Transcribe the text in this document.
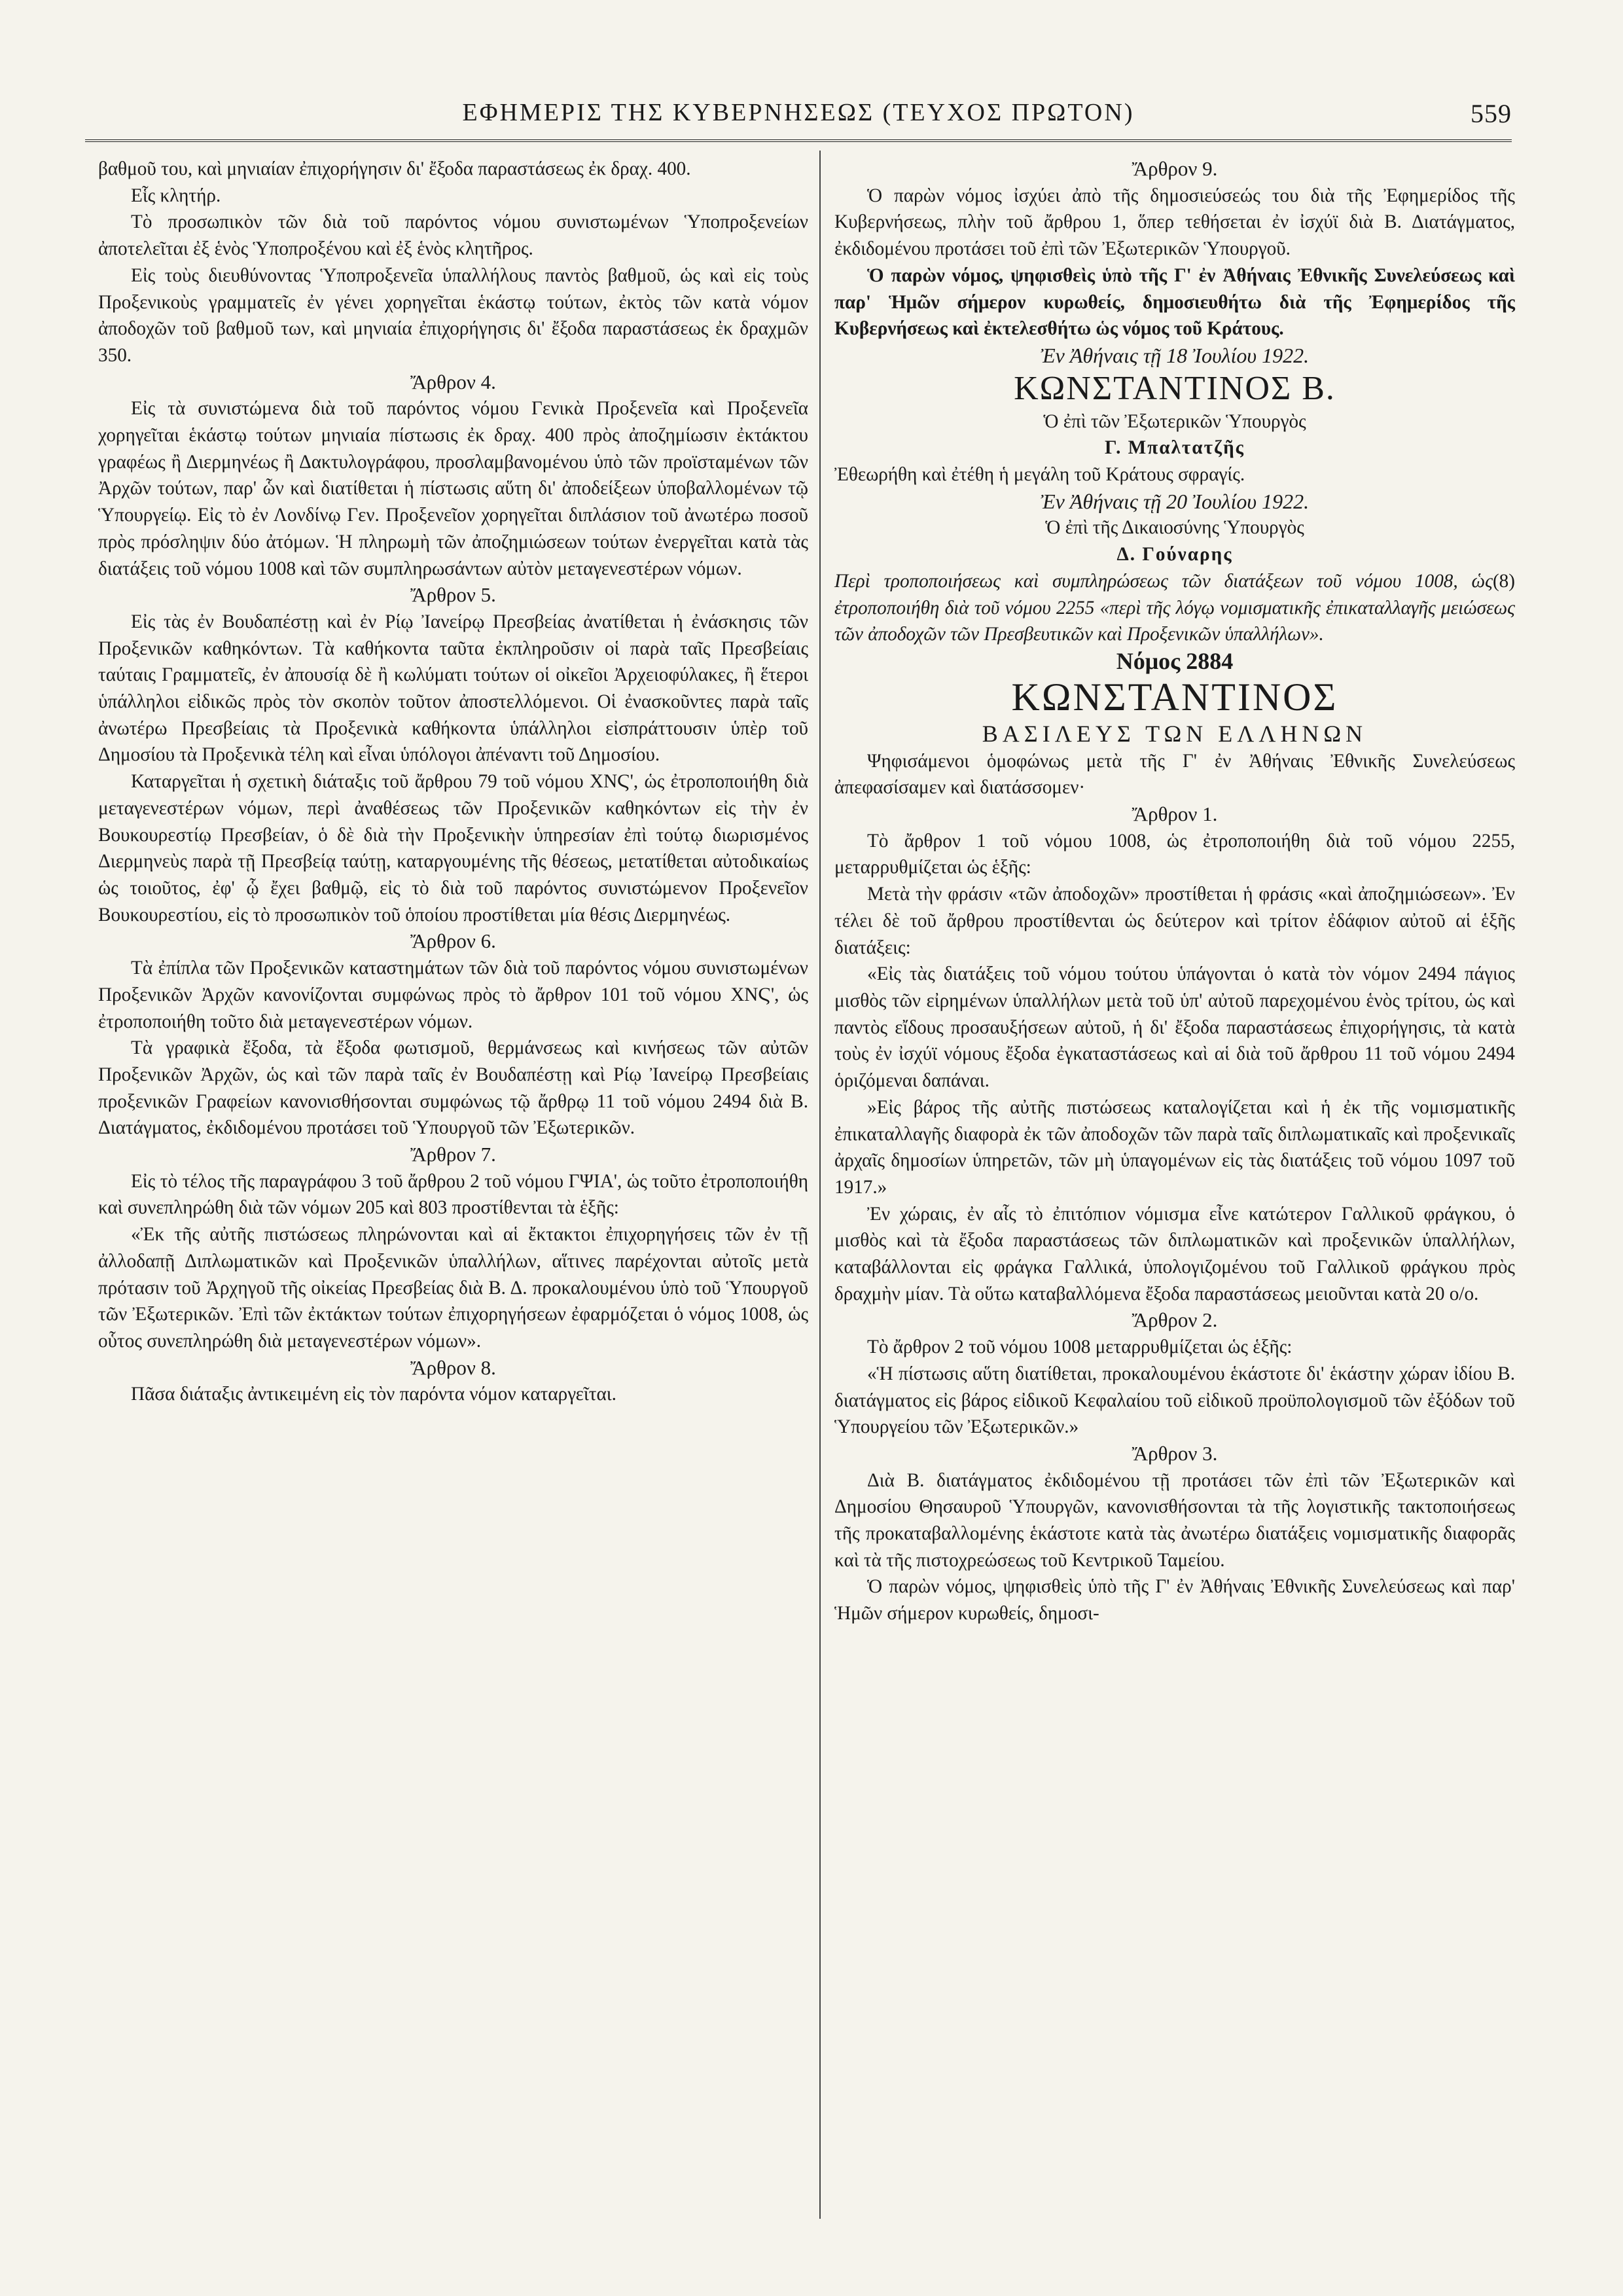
ΕΦΗΜΕΡΙΣ ΤΗΣ ΚΥΒΕΡΝΗΣΕΩΣ (ΤΕΥΧΟΣ ΠΡΩΤΟΝ)	559

βαθμοῦ του, καὶ μηνιαίαν ἐπιχορήγησιν δι' ἔξοδα παραστάσεως ἐκ δραχ. 400.

Εἷς κλητήρ.

Τὸ προσωπικὸν τῶν διὰ τοῦ παρόντος νόμου συνιστωμένων Ὑποπροξενείων ἀποτελεῖται ἐξ ἑνὸς Ὑποπροξένου καὶ ἐξ ἑνὸς κλητῆρος.

Εἰς τοὺς διευθύνοντας Ὑποπροξενεῖα ὑπαλλήλους παντὸς βαθμοῦ, ὡς καὶ εἰς τοὺς Προξενικοὺς γραμματεῖς ἐν γένει χορηγεῖται ἑκάστῳ τούτων, ἐκτὸς τῶν κατὰ νόμον ἀποδοχῶν τοῦ βαθμοῦ των, καὶ μηνιαία ἐπιχορήγησις δι' ἔξοδα παραστάσεως ἐκ δραχμῶν 350.

Ἄρθρον 4.

Εἰς τὰ συνιστώμενα διὰ τοῦ παρόντος νόμου Γενικὰ Προξενεῖα καὶ Προξενεῖα χορηγεῖται ἑκάστῳ τούτων μηνιαία πίστωσις ἐκ δραχ. 400 πρὸς ἀποζημίωσιν ἐκτάκτου γραφέως ἢ Διερμηνέως ἢ Δακτυλογράφου, προσλαμβανομένου ὑπὸ τῶν προϊσταμένων τῶν Ἀρχῶν τούτων, παρ' ὧν καὶ διατίθεται ἡ πίστωσις αὕτη δι' ἀποδείξεων ὑποβαλλομένων τῷ Ὑπουργείῳ. Εἰς τὸ ἐν Λονδίνῳ Γεν. Προξενεῖον χορηγεῖται διπλάσιον τοῦ ἀνωτέρω ποσοῦ πρὸς πρόσληψιν δύο ἀτόμων. Ἡ πληρωμὴ τῶν ἀποζημιώσεων τούτων ἐνεργεῖται κατὰ τὰς διατάξεις τοῦ νόμου 1008 καὶ τῶν συμπληρωσάντων αὐτὸν μεταγενεστέρων νόμων.

Ἄρθρον 5.

Εἰς τὰς ἐν Βουδαπέστῃ καὶ ἐν Ρίῳ Ἰανείρῳ Πρεσβείας ἀνατίθεται ἡ ἐνάσκησις τῶν Προξενικῶν καθηκόντων. Τὰ καθήκοντα ταῦτα ἐκπληροῦσιν οἱ παρὰ ταῖς Πρεσβείαις ταύταις Γραμματεῖς, ἐν ἀπουσίᾳ δὲ ἢ κωλύματι τούτων οἱ οἰκεῖοι Ἀρχειοφύλακες, ἢ ἕτεροι ὑπάλληλοι εἰδικῶς πρὸς τὸν σκοπὸν τοῦτον ἀποστελλόμενοι. Οἱ ἐνασκοῦντες παρὰ ταῖς ἀνωτέρω Πρεσβείαις τὰ Προξενικὰ καθήκοντα ὑπάλληλοι εἰσπράττουσιν ὑπὲρ τοῦ Δημοσίου τὰ Προξενικὰ τέλη καὶ εἶναι ὑπόλογοι ἀπέναντι τοῦ Δημοσίου.

Καταργεῖται ἡ σχετικὴ διάταξις τοῦ ἄρθρου 79 τοῦ νόμου ΧΝϚ', ὡς ἐτροποποιήθη διὰ μεταγενεστέρων νόμων, περὶ ἀναθέσεως τῶν Προξενικῶν καθηκόντων εἰς τὴν ἐν Βουκουρεστίῳ Πρεσβείαν, ὁ δὲ διὰ τὴν Προξενικὴν ὑπηρεσίαν ἐπὶ τούτῳ διωρισμένος Διερμηνεὺς παρὰ τῇ Πρεσβείᾳ ταύτῃ, καταργουμένης τῆς θέσεως, μετατίθεται αὐτοδικαίως ὡς τοιοῦτος, ἐφ' ᾧ ἔχει βαθμῷ, εἰς τὸ διὰ τοῦ παρόντος συνιστώμενον Προξενεῖον Βουκουρεστίου, εἰς τὸ προσωπικὸν τοῦ ὁποίου προστίθεται μία θέσις Διερμηνέως.

Ἄρθρον 6.

Τὰ ἐπίπλα τῶν Προξενικῶν καταστημάτων τῶν διὰ τοῦ παρόντος νόμου συνιστωμένων Προξενικῶν Ἀρχῶν κανονίζονται συμφώνως πρὸς τὸ ἄρθρον 101 τοῦ νόμου ΧΝϚ', ὡς ἐτροποποιήθη τοῦτο διὰ μεταγενεστέρων νόμων.

Τὰ γραφικὰ ἔξοδα, τὰ ἔξοδα φωτισμοῦ, θερμάνσεως καὶ κινήσεως τῶν αὐτῶν Προξενικῶν Ἀρχῶν, ὡς καὶ τῶν παρὰ ταῖς ἐν Βουδαπέστῃ καὶ Ρίῳ Ἰανείρῳ Πρεσβείαις προξενικῶν Γραφείων κανονισθήσονται συμφώνως τῷ ἄρθρῳ 11 τοῦ νόμου 2494 διὰ Β. Διατάγματος, ἐκδιδομένου προτάσει τοῦ Ὑπουργοῦ τῶν Ἐξωτερικῶν.

Ἄρθρον 7.

Εἰς τὸ τέλος τῆς παραγράφου 3 τοῦ ἄρθρου 2 τοῦ νόμου ΓΨΙΑ', ὡς τοῦτο ἐτροποποιήθη καὶ συνεπληρώθη διὰ τῶν νόμων 205 καὶ 803 προστίθενται τὰ ἑξῆς:

«Ἐκ τῆς αὐτῆς πιστώσεως πληρώνονται καὶ αἱ ἔκτακτοι ἐπιχορηγήσεις τῶν ἐν τῇ ἀλλοδαπῇ Διπλωματικῶν καὶ Προξενικῶν ὑπαλλήλων, αἵτινες παρέχονται αὐτοῖς μετὰ πρότασιν τοῦ Ἀρχηγοῦ τῆς οἰκείας Πρεσβείας διὰ Β. Δ. προκαλουμένου ὑπὸ τοῦ Ὑπουργοῦ τῶν Ἐξωτερικῶν. Ἐπὶ τῶν ἐκτάκτων τούτων ἐπιχορηγήσεων ἐφαρμόζεται ὁ νόμος 1008, ὡς οὗτος συνεπληρώθη διὰ μεταγενεστέρων νόμων».

Ἄρθρον 8.

Πᾶσα διάταξις ἀντικειμένη εἰς τὸν παρόντα νόμον καταργεῖται.

Ἄρθρον 9.

Ὁ παρὼν νόμος ἰσχύει ἀπὸ τῆς δημοσιεύσεώς του διὰ τῆς Ἐφημερίδος τῆς Κυβερνήσεως, πλὴν τοῦ ἄρθρου 1, ὅπερ τεθήσεται ἐν ἰσχύϊ διὰ Β. Διατάγματος, ἐκδιδομένου προτάσει τοῦ ἐπὶ τῶν Ἐξωτερικῶν Ὑπουργοῦ.

Ὁ παρὼν νόμος, ψηφισθεὶς ὑπὸ τῆς Γ' ἐν Ἀθήναις Ἐθνικῆς Συνελεύσεως καὶ παρ' Ἡμῶν σήμερον κυρωθείς, δημοσιευθήτω διὰ τῆς Ἐφημερίδος τῆς Κυβερνήσεως καὶ ἐκτελεσθήτω ὡς νόμος τοῦ Κράτους.

Ἐν Ἀθήναις τῇ 18 Ἰουλίου 1922.

ΚΩΝΣΤΑΝΤΙΝΟΣ Β.

Ὁ ἐπὶ τῶν Ἐξωτερικῶν Ὑπουργὸς

Γ. Μπαλτατζῆς

Ἐθεωρήθη καὶ ἐτέθη ἡ μεγάλη τοῦ Κράτους σφραγίς.

Ἐν Ἀθήναις τῇ 20 Ἰουλίου 1922.

Ὁ ἐπὶ τῆς Δικαιοσύνης Ὑπουργὸς

Δ. Γούναρης

(8)
Περὶ τροποποιήσεως καὶ συμπληρώσεως τῶν διατάξεων τοῦ νόμου 1008, ὡς ἐτροποποιήθη διὰ τοῦ νόμου 2255 «περὶ τῆς λόγῳ νομισματικῆς ἐπικαταλλαγῆς μειώσεως τῶν ἀποδοχῶν τῶν Πρεσβευτικῶν καὶ Προξενικῶν ὑπαλλήλων».

Νόμος 2884

ΚΩΝΣΤΑΝΤΙΝΟΣ

ΒΑΣΙΛΕΥΣ ΤΩΝ ΕΛΛΗΝΩΝ

Ψηφισάμενοι ὁμοφώνως μετὰ τῆς Γ' ἐν Ἀθήναις Ἐθνικῆς Συνελεύσεως ἀπεφασίσαμεν καὶ διατάσσομεν·

Ἄρθρον 1.

Τὸ ἄρθρον 1 τοῦ νόμου 1008, ὡς ἐτροποποιήθη διὰ τοῦ νόμου 2255, μεταρρυθμίζεται ὡς ἑξῆς:

Μετὰ τὴν φράσιν «τῶν ἀποδοχῶν» προστίθεται ἡ φράσις «καὶ ἀποζημιώσεων». Ἐν τέλει δὲ τοῦ ἄρθρου προστίθενται ὡς δεύτερον καὶ τρίτον ἐδάφιον αὐτοῦ αἱ ἑξῆς διατάξεις:

«Εἰς τὰς διατάξεις τοῦ νόμου τούτου ὑπάγονται ὁ κατὰ τὸν νόμον 2494 πάγιος μισθὸς τῶν εἰρημένων ὑπαλλήλων μετὰ τοῦ ὑπ' αὐτοῦ παρεχομένου ἑνὸς τρίτου, ὡς καὶ παντὸς εἴδους προσαυξήσεων αὐτοῦ, ἡ δι' ἔξοδα παραστάσεως ἐπιχορήγησις, τὰ κατὰ τοὺς ἐν ἰσχύϊ νόμους ἔξοδα ἐγκαταστάσεως καὶ αἱ διὰ τοῦ ἄρθρου 11 τοῦ νόμου 2494 ὁριζόμεναι δαπάναι.

»Εἰς βάρος τῆς αὐτῆς πιστώσεως καταλογίζεται καὶ ἡ ἐκ τῆς νομισματικῆς ἐπικαταλλαγῆς διαφορὰ ἐκ τῶν ἀποδοχῶν τῶν παρὰ ταῖς διπλωματικαῖς καὶ προξενικαῖς ἀρχαῖς δημοσίων ὑπηρετῶν, τῶν μὴ ὑπαγομένων εἰς τὰς διατάξεις τοῦ νόμου 1097 τοῦ 1917.»

Ἐν χώραις, ἐν αἷς τὸ ἐπιτόπιον νόμισμα εἶνε κατώτερον Γαλλικοῦ φράγκου, ὁ μισθὸς καὶ τὰ ἔξοδα παραστάσεως τῶν διπλωματικῶν καὶ προξενικῶν ὑπαλλήλων, καταβάλλονται εἰς φράγκα Γαλλικά, ὑπολογιζομένου τοῦ Γαλλικοῦ φράγκου πρὸς δραχμὴν μίαν. Τὰ οὕτω καταβαλλόμενα ἔξοδα παραστάσεως μειοῦνται κατὰ 20 ο/ο.

Ἄρθρον 2.

Τὸ ἄρθρον 2 τοῦ νόμου 1008 μεταρρυθμίζεται ὡς ἑξῆς:

«Ἡ πίστωσις αὕτη διατίθεται, προκαλουμένου ἑκάστοτε δι' ἑκάστην χώραν ἰδίου Β. διατάγματος εἰς βάρος εἰδικοῦ Κεφαλαίου τοῦ εἰδικοῦ προϋπολογισμοῦ τῶν ἐξόδων τοῦ Ὑπουργείου τῶν Ἐξωτερικῶν.»

Ἄρθρον 3.

Διὰ Β. διατάγματος ἐκδιδομένου τῇ προτάσει τῶν ἐπὶ τῶν Ἐξωτερικῶν καὶ Δημοσίου Θησαυροῦ Ὑπουργῶν, κανονισθήσονται τὰ τῆς λογιστικῆς τακτοποιήσεως τῆς προκαταβαλλομένης ἑκάστοτε κατὰ τὰς ἀνωτέρω διατάξεις νομισματικῆς διαφορᾶς καὶ τὰ τῆς πιστοχρεώσεως τοῦ Κεντρικοῦ Ταμείου.

Ὁ παρὼν νόμος, ψηφισθεὶς ὑπὸ τῆς Γ' ἐν Ἀθήναις Ἐθνικῆς Συνελεύσεως καὶ παρ' Ἡμῶν σήμερον κυρωθείς, δημοσι-
